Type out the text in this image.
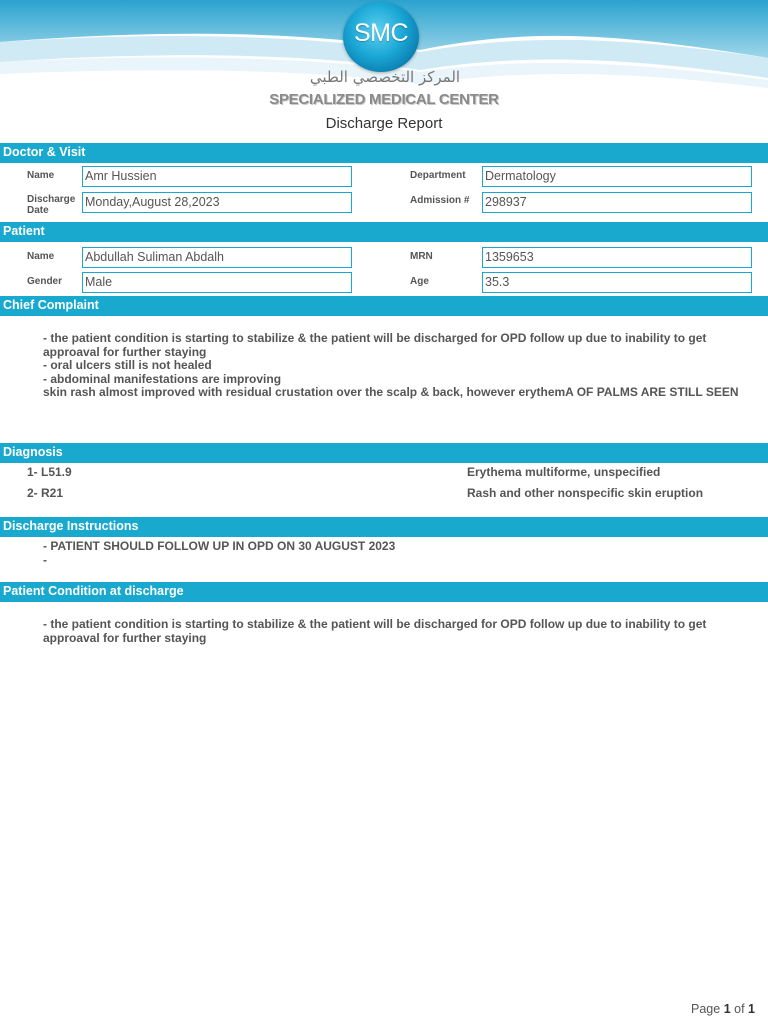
SMC
المركز التخصصي الطبي
SPECIALIZED MEDICAL CENTER
Discharge Report
Doctor & Visit
Name Amr Hussien	Department Dermatology
Discharge
Date
Monday,August 28,2023	Admission # 298937
Patient
Name Abdullah Suliman Abdalh	MRN	1359653
Gender Male	Age	35.3
Chief Complaint
- the patient condition is starting to stabilize & the patient will be discharged for OPD follow up due to inability to get approaval for further staying
- oral ulcers still is not healed
- abdominal manifestations are improving
skin rash almost improved with residual crustation over the scalp & back, however erythemA OF PALMS ARE STILL SEEN
Diagnosis
1- L51.9	Erythema multiforme, unspecified
2- R21	Rash and other nonspecific skin eruption
Discharge Instructions
- PATIENT SHOULD FOLLOW UP IN OPD ON 30 AUGUST 2023
-
Patient Condition at discharge
- the patient condition is starting to stabilize & the patient will be discharged for OPD follow up due to inability to get approaval for further staying
Page 1 of 1
